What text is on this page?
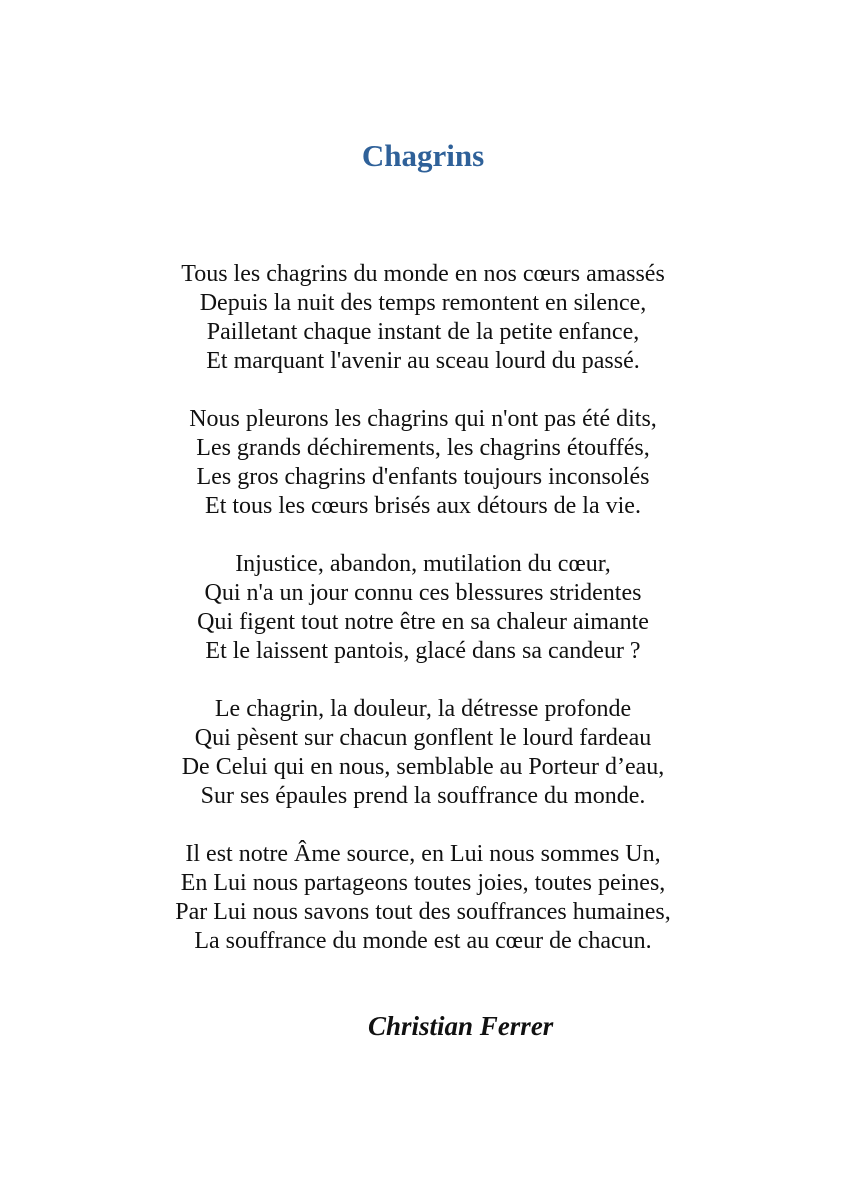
Chagrins
Tous les chagrins du monde en nos cœurs amassés
Depuis la nuit des temps remontent en silence,
Pailletant chaque instant de la petite enfance,
Et marquant l'avenir au sceau lourd du passé.
Nous pleurons les chagrins qui n'ont pas été dits,
Les grands déchirements, les chagrins étouffés,
Les gros chagrins d'enfants toujours inconsolés
Et tous les cœurs brisés aux détours de la vie.
Injustice, abandon, mutilation du cœur,
Qui n'a un jour connu ces blessures stridentes
Qui figent tout notre être en sa chaleur aimante
Et le laissent pantois, glacé dans sa candeur ?
Le chagrin, la douleur, la détresse profonde
Qui pèsent sur chacun gonflent le lourd fardeau
De Celui qui en nous, semblable au Porteur d’eau,
Sur ses épaules prend la souffrance du monde.
Il est notre Âme source, en Lui nous sommes Un,
En Lui nous partageons toutes joies, toutes peines,
Par Lui nous savons tout des souffrances humaines,
La souffrance du monde est au cœur de chacun.
Christian Ferrer
